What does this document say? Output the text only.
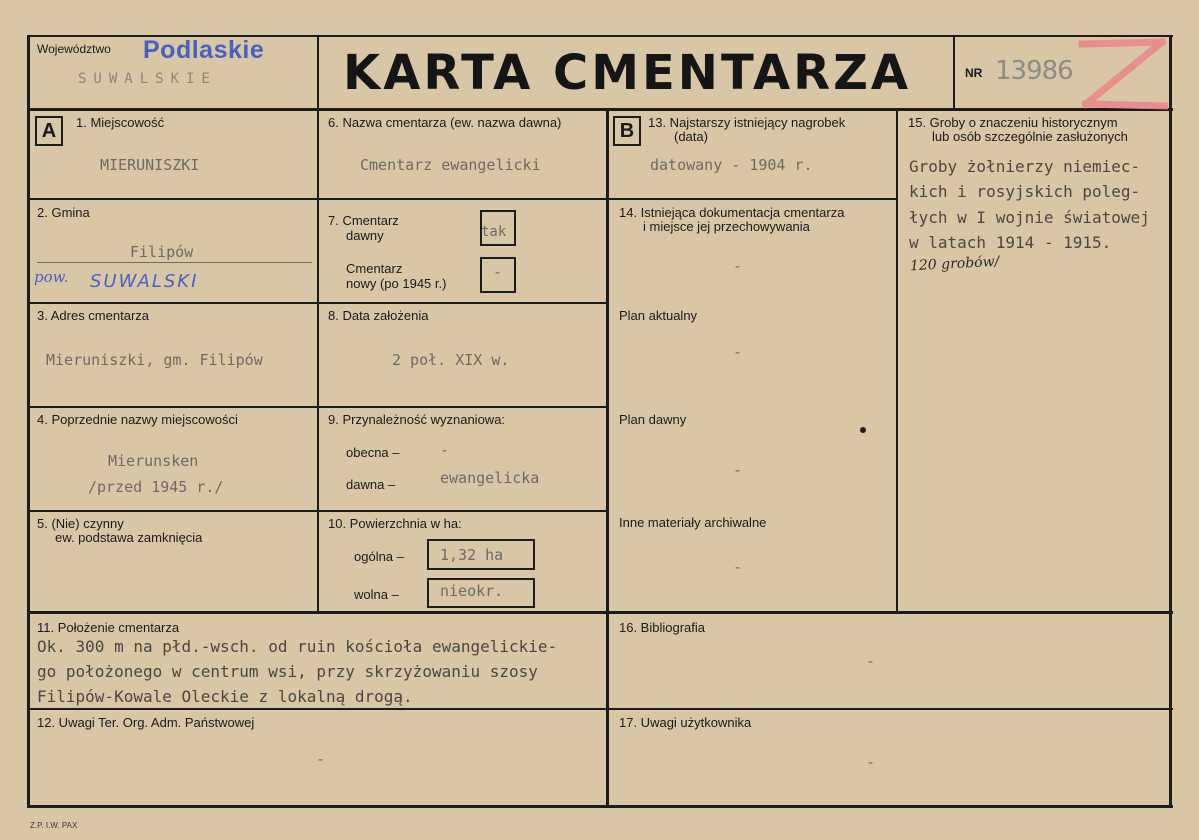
Województwo Podlaskie
SUWALSKIE	KARTA CMENTARZA	NR 13986
A	B
1. Miejscowość
MIERUNISZKI
2. Gmina
Filipów
pow. SUWALSKI
3. Adres cmentarza
Mieruniszki, gm. Filipów
4. Poprzednie nazwy miejscowości
Mierunsken
/przed 1945 r./
5. (Nie) czynny
ew. podstawa zamknięcia
6. Nazwa cmentarza (ew. nazwa dawna)
Cmentarz ewangelicki
7. Cmentarz
dawny	tak
Cmentarz
nowy (po 1945 r.)
-
8. Data założenia
2 poł. XIX w.
9. Przynależność wyznaniowa:
obecna –	-
dawna –	ewangelicka
10. Powierzchnia w ha:
ogólna – 1,32 ha
wolna –	nieokr.
11. Położenie cmentarza
Ok. 300 m na płd.-wsch. od ruin kościoła ewangelickie-
go położonego w centrum wsi, przy skrzyżowaniu szosy
Filipów-Kowale Oleckie z lokalną drogą.
12. Uwagi Ter. Org. Adm. Państwowej
-
13. Najstarszy istniejący nagrobek
(data)
datowany - 1904 r.
14. Istniejąca dokumentacja cmentarza
i miejsce jej przechowywania
-
Plan aktualny
-
Plan dawny
-
Inne materiały archiwalne
-
15. Groby o znaczeniu historycznym
lub osób szczególnie zasłużonych
Groby żołnierzy niemiec-
kich i rosyjskich poleg-
łych w I wojnie światowej
w latach 1914 - 1915.
120 grobów/
16. Bibliografia
-
17. Uwagi użytkownika
-
Z.P. I.W. PAX
